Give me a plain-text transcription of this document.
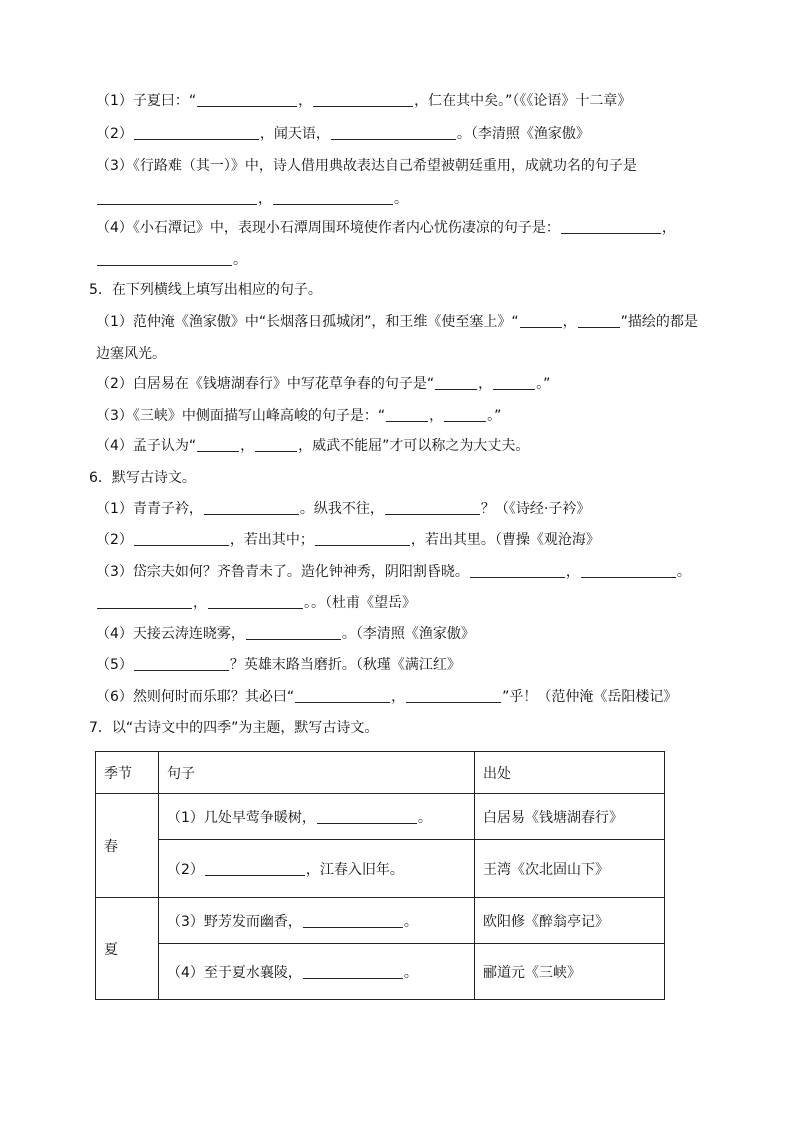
（1）子夏曰：“	，	，仁在其中矣。”（《《论语》十二章》
（2）	，闻天语，	。（李清照《渔家傲》
（3）《行路难（其一）》中，诗人借用典故表达自己希望被朝廷重用，成就功名的句子是
，	。
（4）《小石潭记》中，表现小石潭周围环境使作者内心忧伤凄凉的句子是：	，
。
5．在下列横线上填写出相应的句子。
（1）范仲淹《渔家傲》中“长烟落日孤城闭”，和王维《使至塞上》“	，	”描绘的都是
边塞风光。
（2）白居易在《钱塘湖春行》中写花草争春的句子是“	，	。”
（3）《三峡》中侧面描写山峰高峻的句子是：“	，	。”
（4）孟子认为“	，	，威武不能屈”才可以称之为大丈夫。
6．默写古诗文。
（1）青青子衿，	。纵我不往，	？（《诗经·子衿》
（2）	，若出其中；	，若出其里。（曹操《观沧海》
（3）岱宗夫如何？齐鲁青未了。造化钟神秀，阴阳割昏晓。	，	。
，	。。（杜甫《望岳》
（4）天接云涛连晓雾，	。（李清照《渔家傲》
（5）	？英雄末路当磨折。（秋瑾《满江红》
（6）然则何时而乐耶？其必曰“	，	”乎！（范仲淹《岳阳楼记》
7．以“古诗文中的四季”为主题，默写古诗文。
季节	句子	出处
春	（1）几处早莺争暖树， 。	白居易《钱塘湖春行》
	（2） ，江春入旧年。	王湾《次北固山下》
夏	（3）野芳发而幽香， 。	欧阳修《醉翁亭记》
	（4）至于夏水襄陵， 。	郦道元《三峡》
